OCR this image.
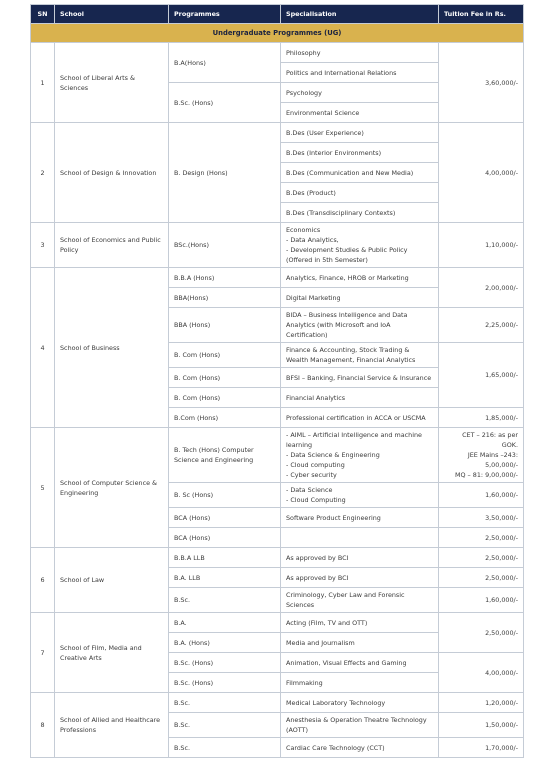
SN	School	Programmes	Specialisation	Tuition Fee in Rs.
Undergraduate Programmes (UG)				
1	School of Liberal Arts & Sciences	B.A(Hons)	Philosophy	3,60,000/-
			Politics and International Relations	
		B.Sc. (Hons)	Psychology	
			Environmental Science	
2	School of Design & Innovation	B. Design (Hons)	B.Des (User Experience)	4,00,000/-
			B.Des (Interior Environments)	
			B.Des (Communication and New Media)	
			B.Des (Product)	
			B.Des (Transdisciplinary Contexts)	
3	School of Economics and Public Policy	BSc.(Hons)	Economics
- Data Analytics,
- Development Studies & Public Policy
(Offered in 5th Semester)	1,10,000/-
4	School of Business	B.B.A (Hons)	Analytics, Finance, HROB or Marketing	2,00,000/-
		BBA(Hons)	Digital Marketing	
		BBA (Hons)	BIDA – Business Intelligence and Data Analytics (with Microsoft and IoA Certification)	2,25,000/-
		B. Com (Hons)	Finance & Accounting, Stock Trading & Wealth Management, Financial Analytics	1,65,000/-
		B. Com (Hons)	BFSI – Banking, Financial Service & Insurance	
		B. Com (Hons)	Financial Analytics	
		B.Com (Hons)	Professional certification in ACCA or USCMA	1,85,000/-
5	School of Computer Science & Engineering	B. Tech (Hons) Computer Science and Engineering	- AIML – Artificial Intelligence and machine learning
- Data Science & Engineering
- Cloud computing
- Cyber security	CET – 216: as per GOK.
JEE Mains –243: 5,00,000/-
MQ – 81: 9,00,000/-
		B. Sc (Hons)	- Data Science
- Cloud Computing	1,60,000/-
		BCA (Hons)	Software Product Engineering	3,50,000/-
		BCA (Hons)		2,50,000/-
6	School of Law	B.B.A LLB	As approved by BCI	2,50,000/-
		B.A. LLB	As approved by BCI	2,50,000/-
		B.Sc.	Criminology, Cyber Law and Forensic Sciences	1,60,000/-
7	School of Film, Media and Creative Arts	B.A.	Acting (Film, TV and OTT)	2,50,000/-
		B.A. (Hons)	Media and Journalism	
		B.Sc. (Hons)	Animation, Visual Effects and Gaming	4,00,000/-
		B.Sc. (Hons)	Filmmaking	
8	School of Allied and Healthcare Professions	B.Sc.	Medical Laboratory Technology	1,20,000/-
		B.Sc.	Anesthesia & Operation Theatre Technology (AOTT)	1,50,000/-
		B.Sc.	Cardiac Care Technology (CCT)	1,70,000/-
